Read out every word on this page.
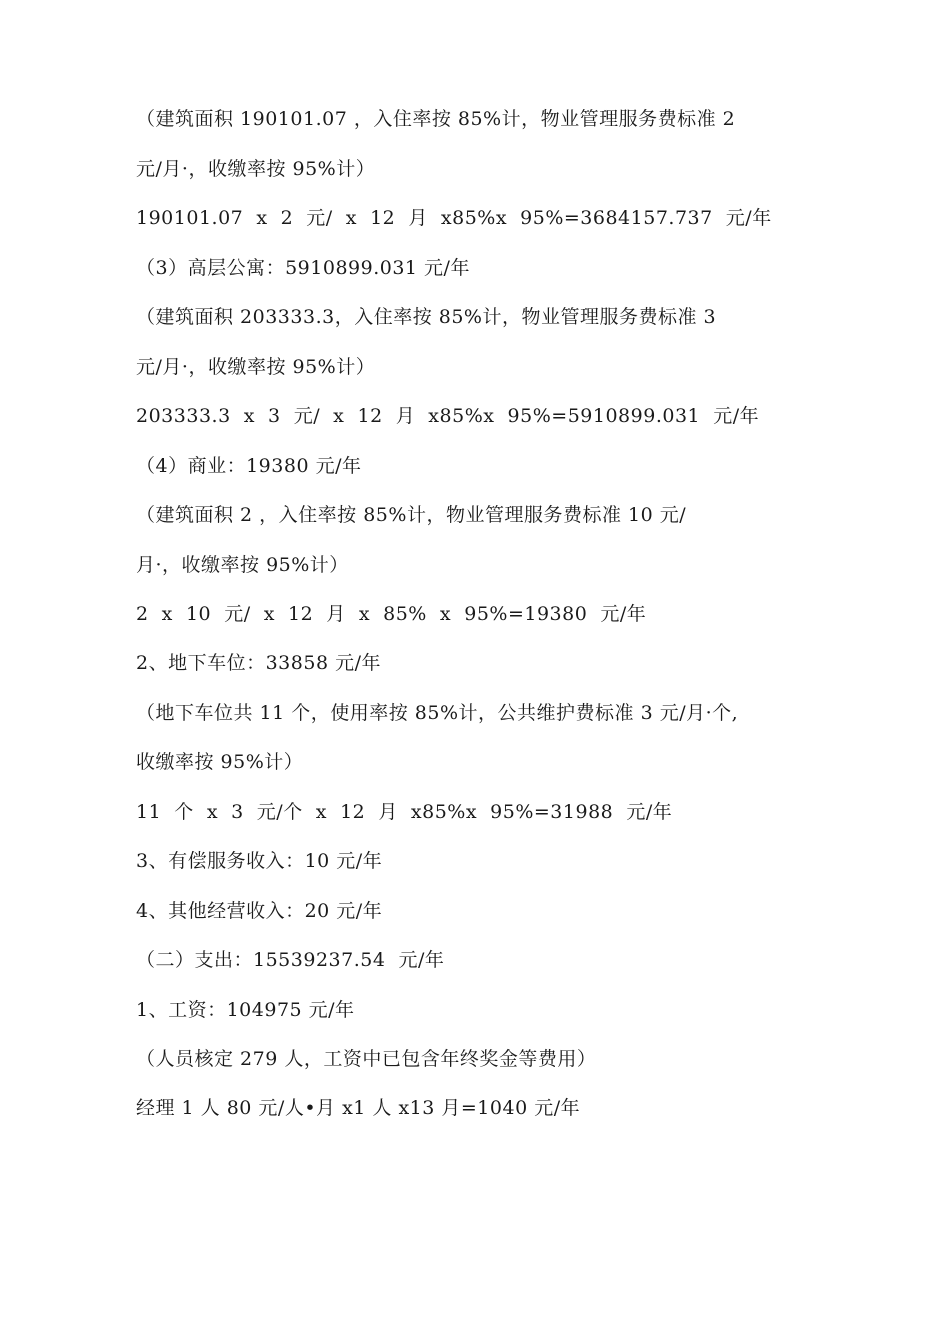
（建筑面积 190101.07 ，入住率按 85%计，物业管理服务费标准 2
元/月·，收缴率按 95%计）
190101.07  x  2  元/  x  12  月  x85%x  95%=3684157.737  元/年
（3）高层公寓：5910899.031 元/年
（建筑面积 203333.3，入住率按 85%计，物业管理服务费标准 3
元/月·，收缴率按 95%计）
203333.3  x  3  元/  x  12  月  x85%x  95%=5910899.031  元/年
（4）商业：19380 元/年
（建筑面积 2 ，入住率按 85%计，物业管理服务费标准 10 元/
月·，收缴率按 95%计）
2  x  10  元/  x  12  月  x  85%  x  95%=19380  元/年
2、地下车位：33858 元/年
（地下车位共 11 个，使用率按 85%计，公共维护费标准 3 元/月·个,
收缴率按 95%计）
11  个  x  3  元/个  x  12  月  x85%x  95%=31988  元/年
3、有偿服务收入：10 元/年
4、其他经营收入：20 元/年
（二）支出：15539237.54  元/年
1、工资：104975 元/年
（人员核定 279 人，工资中已包含年终奖金等费用）
经理 1 人 80 元/人•月 x1 人 x13 月=1040 元/年
